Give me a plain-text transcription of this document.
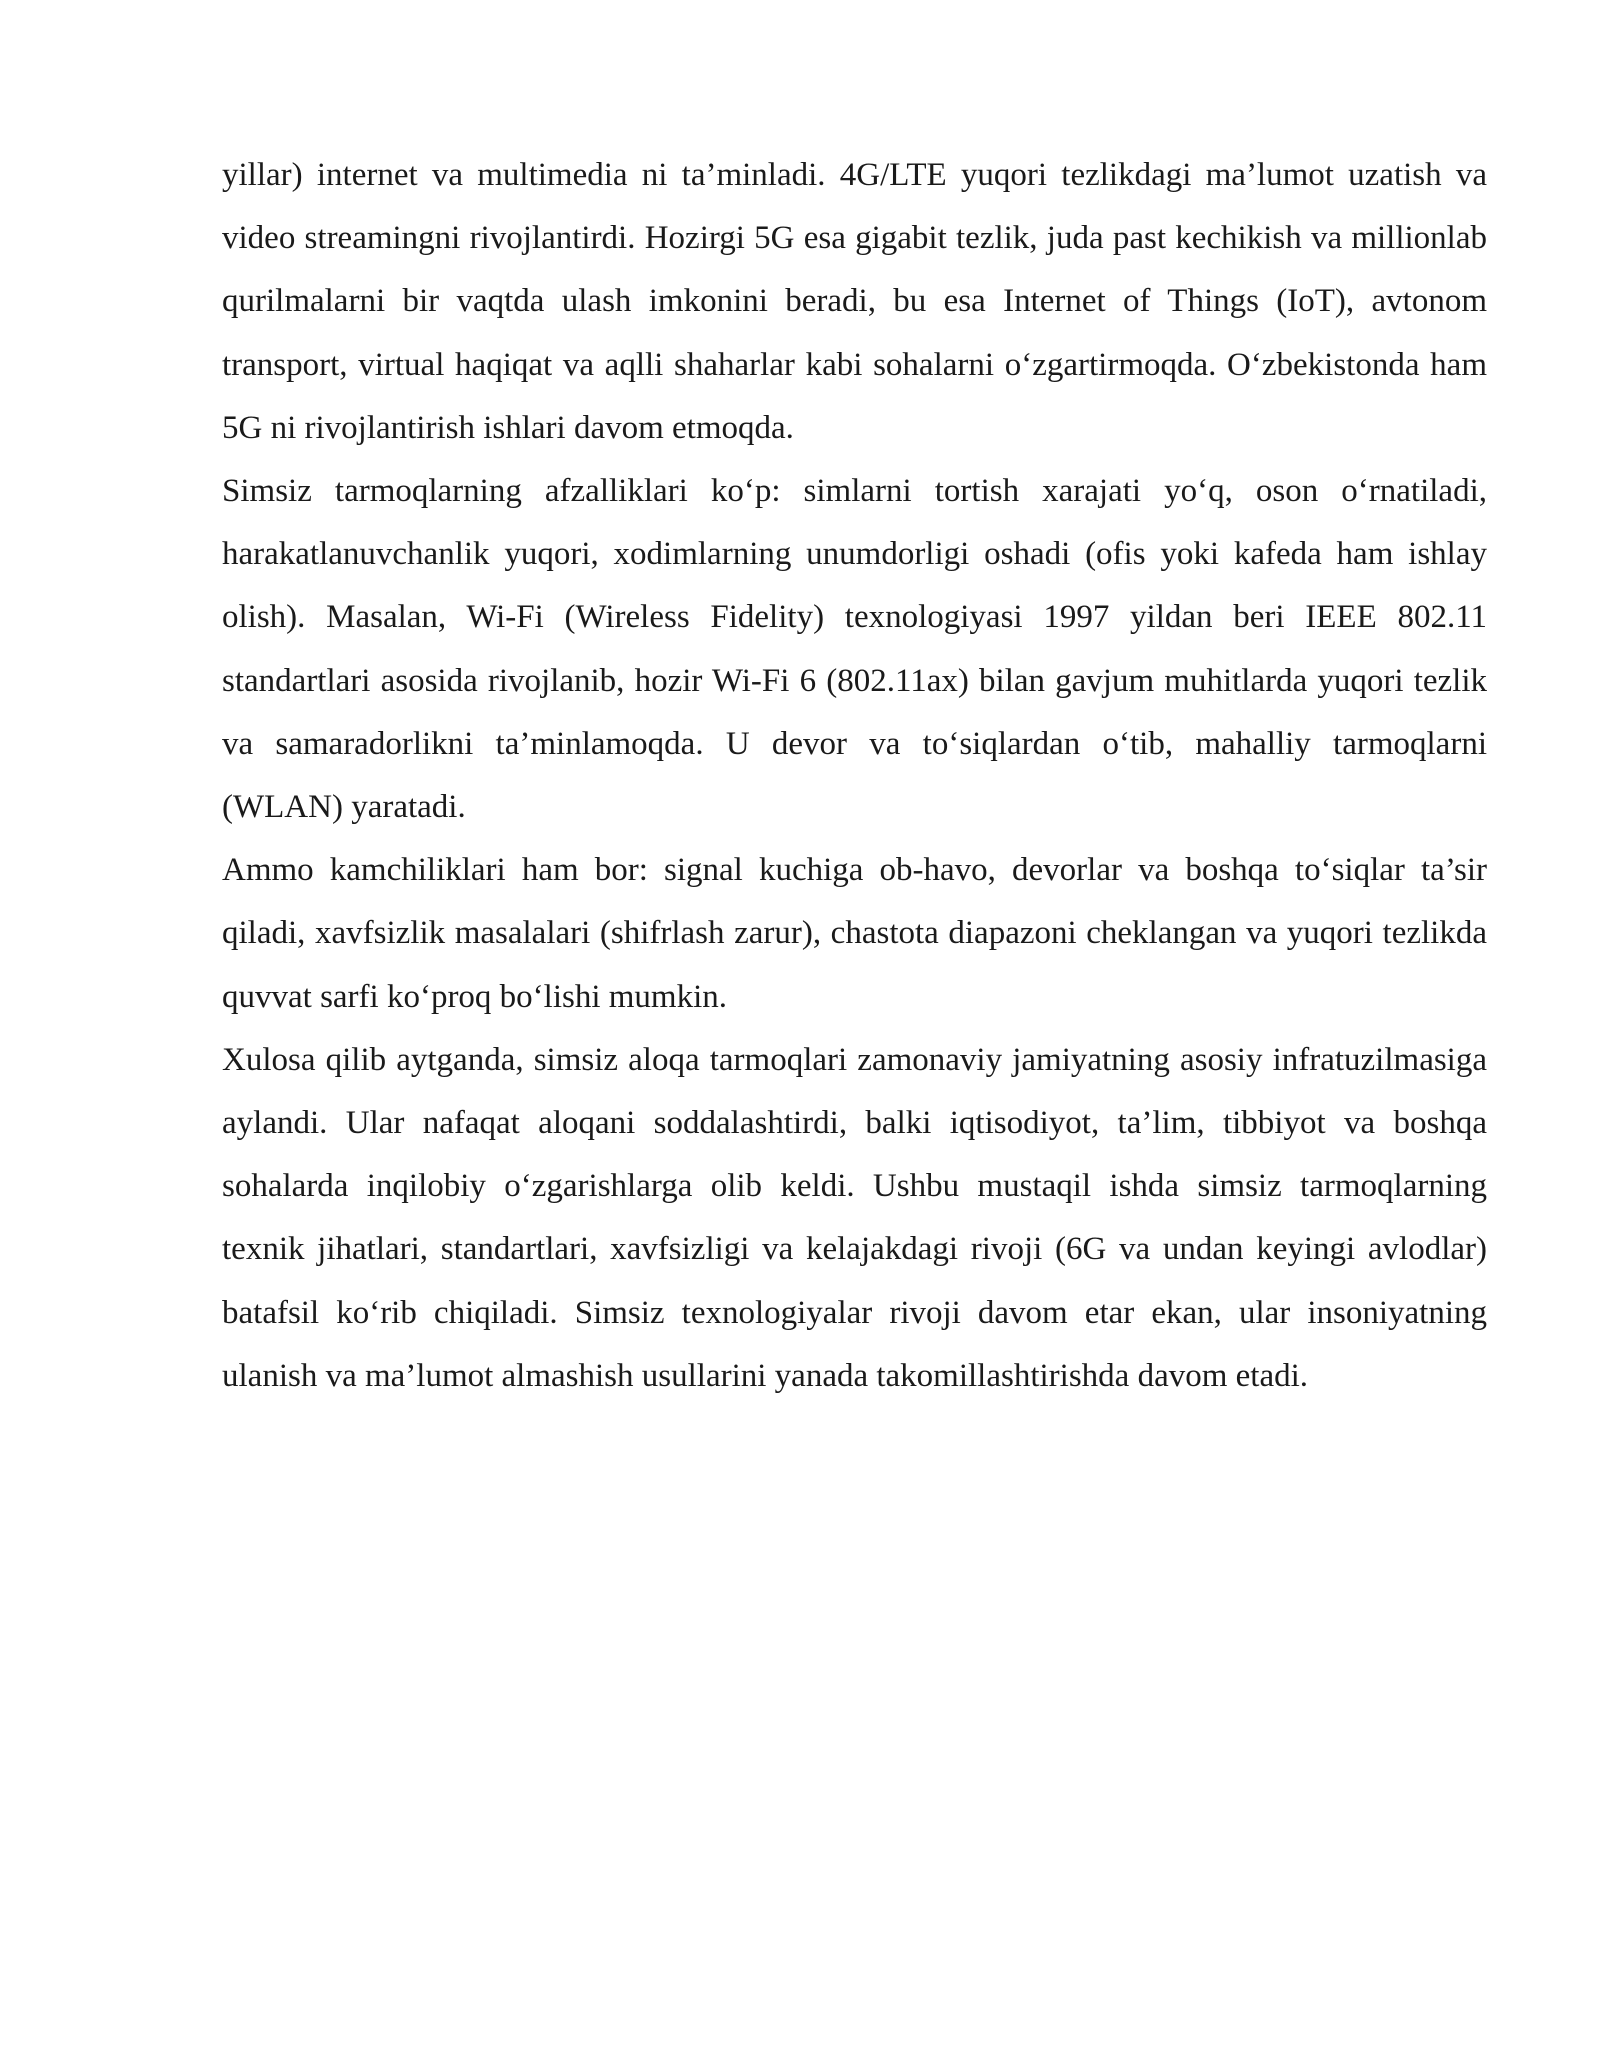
yillar) internet va multimedia ni ta’minladi. 4G/LTE yuqori tezlikdagi ma’lumot uzatish va video streamingni rivojlantirdi. Hozirgi 5G esa gigabit tezlik, juda past kechikish va millionlab qurilmalarni bir vaqtda ulash imkonini beradi, bu esa Internet of Things (IoT), avtonom transport, virtual haqiqat va aqlli shaharlar kabi sohalarni o‘zgartirmoqda. O‘zbekistonda ham 5G ni rivojlantirish ishlari davom etmoqda.

Simsiz tarmoqlarning afzalliklari ko‘p: simlarni tortish xarajati yo‘q, oson o‘rnatiladi, harakatlanuvchanlik yuqori, xodimlarning unumdorligi oshadi (ofis yoki kafeda ham ishlay olish). Masalan, Wi-Fi (Wireless Fidelity) texnologiyasi 1997 yildan beri IEEE 802.11 standartlari asosida rivojlanib, hozir Wi-Fi 6 (802.11ax) bilan gavjum muhitlarda yuqori tezlik va samaradorlikni ta’minlamoqda. U devor va to‘siqlardan o‘tib, mahalliy tarmoqlarni (WLAN) yaratadi.

Ammo kamchiliklari ham bor: signal kuchiga ob-havo, devorlar va boshqa to‘siqlar ta’sir qiladi, xavfsizlik masalalari (shifrlash zarur), chastota diapazoni cheklangan va yuqori tezlikda quvvat sarfi ko‘proq bo‘lishi mumkin.

Xulosa qilib aytganda, simsiz aloqa tarmoqlari zamonaviy jamiyatning asosiy infratuzilmasiga aylandi. Ular nafaqat aloqani soddalashtirdi, balki iqtisodiyot, ta’lim, tibbiyot va boshqa sohalarda inqilobiy o‘zgarishlarga olib keldi. Ushbu mustaqil ishda simsiz tarmoqlarning texnik jihatlari, standartlari, xavfsizligi va kelajakdagi rivoji (6G va undan keyingi avlodlar) batafsil ko‘rib chiqiladi. Simsiz texnologiyalar rivoji davom etar ekan, ular insoniyatning ulanish va ma’lumot almashish usullarini yanada takomillashtirishda davom etadi.
